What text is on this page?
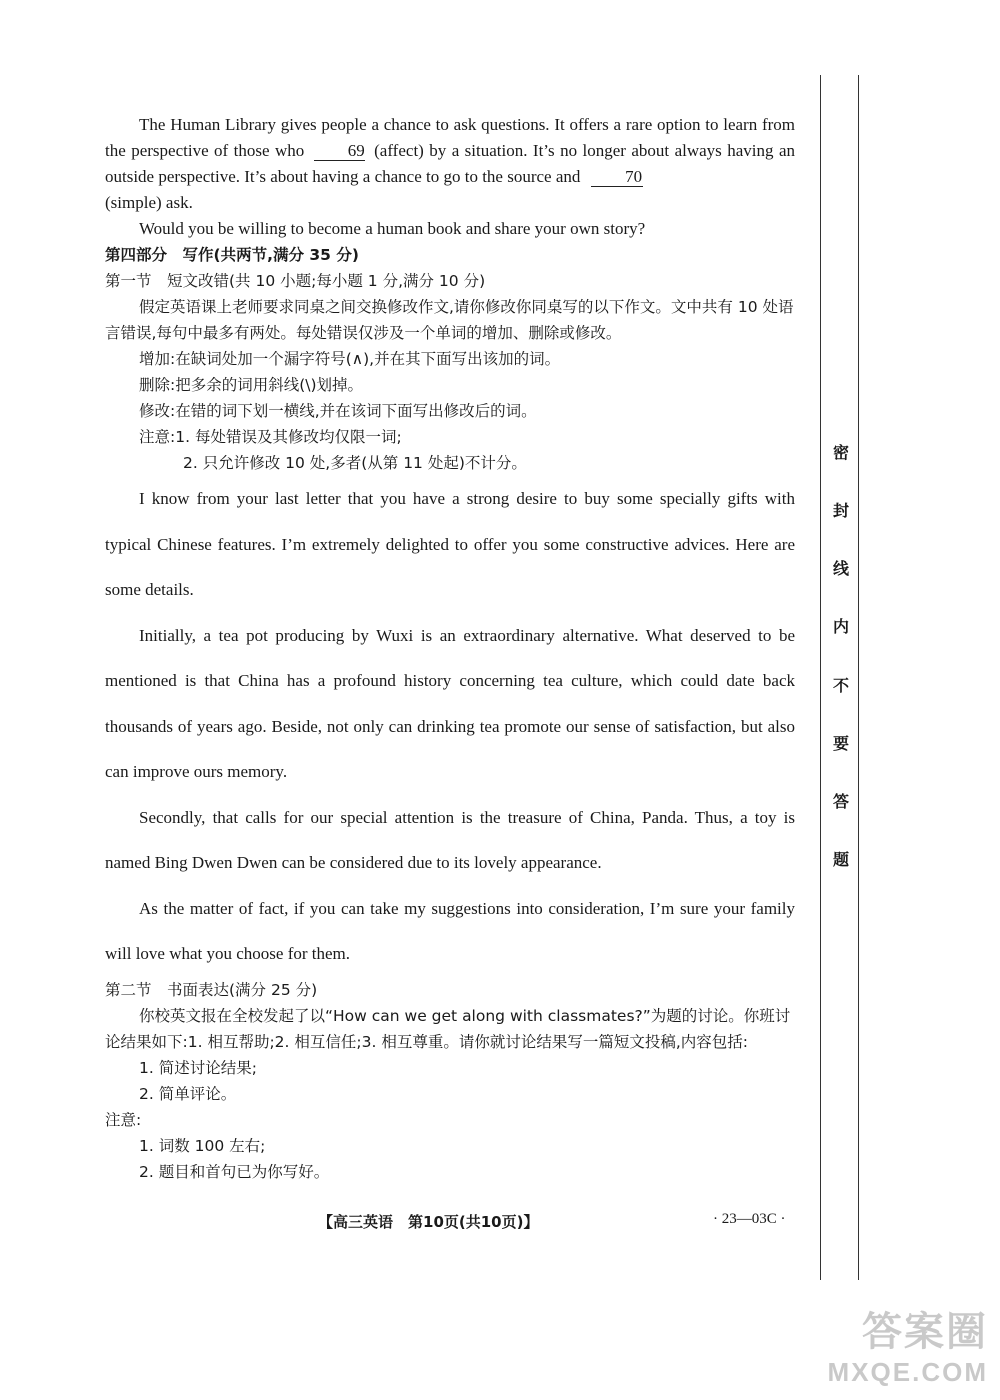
The Human Library gives people a chance to ask questions. It offers a rare option to learn from the perspective of those who	69 (affect) by a situation. It’s no longer about always having an outside perspective. It’s about having a chance to go to the source and	70
(simple) ask.

Would you be willing to become a human book and share your own story?

第四部分　写作(共两节,满分 35 分)

第一节　短文改错(共 10 小题;每小题 1 分,满分 10 分)

假定英语课上老师要求同桌之间交换修改作文,请你修改你同桌写的以下作文。文中共有 10 处语言错误,每句中最多有两处。每处错误仅涉及一个单词的增加、删除或修改。

增加:在缺词处加一个漏字符号(∧),并在其下面写出该加的词。

删除:把多余的词用斜线(\)划掉。

修改:在错的词下划一横线,并在该词下面写出修改后的词。

注意:1. 每处错误及其修改均仅限一词;

2. 只允许修改 10 处,多者(从第 11 处起)不计分。

I know from your last letter that you have a strong desire to buy some specially gifts with typical Chinese features. I’m extremely delighted to offer you some constructive advices. Here are some details.

Initially, a tea pot producing by Wuxi is an extraordinary alternative. What deserved to be mentioned is that China has a profound history concerning tea culture, which could date back thousands of years ago. Beside, not only can drinking tea promote our sense of satisfaction, but also can improve ours memory.

Secondly, that calls for our special attention is the treasure of China, Panda. Thus, a toy is named Bing Dwen Dwen can be considered due to its lovely appearance.

As the matter of fact, if you can take my suggestions into consideration, I’m sure your family will love what you choose for them.

第二节　书面表达(满分 25 分)

你校英文报在全校发起了以“How can we get along with classmates?”为题的讨论。你班讨论结果如下:1. 相互帮助;2. 相互信任;3. 相互尊重。请你就讨论结果写一篇短文投稿,内容包括:

1. 简述讨论结果;

2. 简单评论。

注意:

1. 词数 100 左右;

2. 题目和首句已为你写好。

【高三英语　第10页(共10页)】	· 23—03C ·
密
封
线
内
不
要
答
题
答案圈
MXQE.COM
